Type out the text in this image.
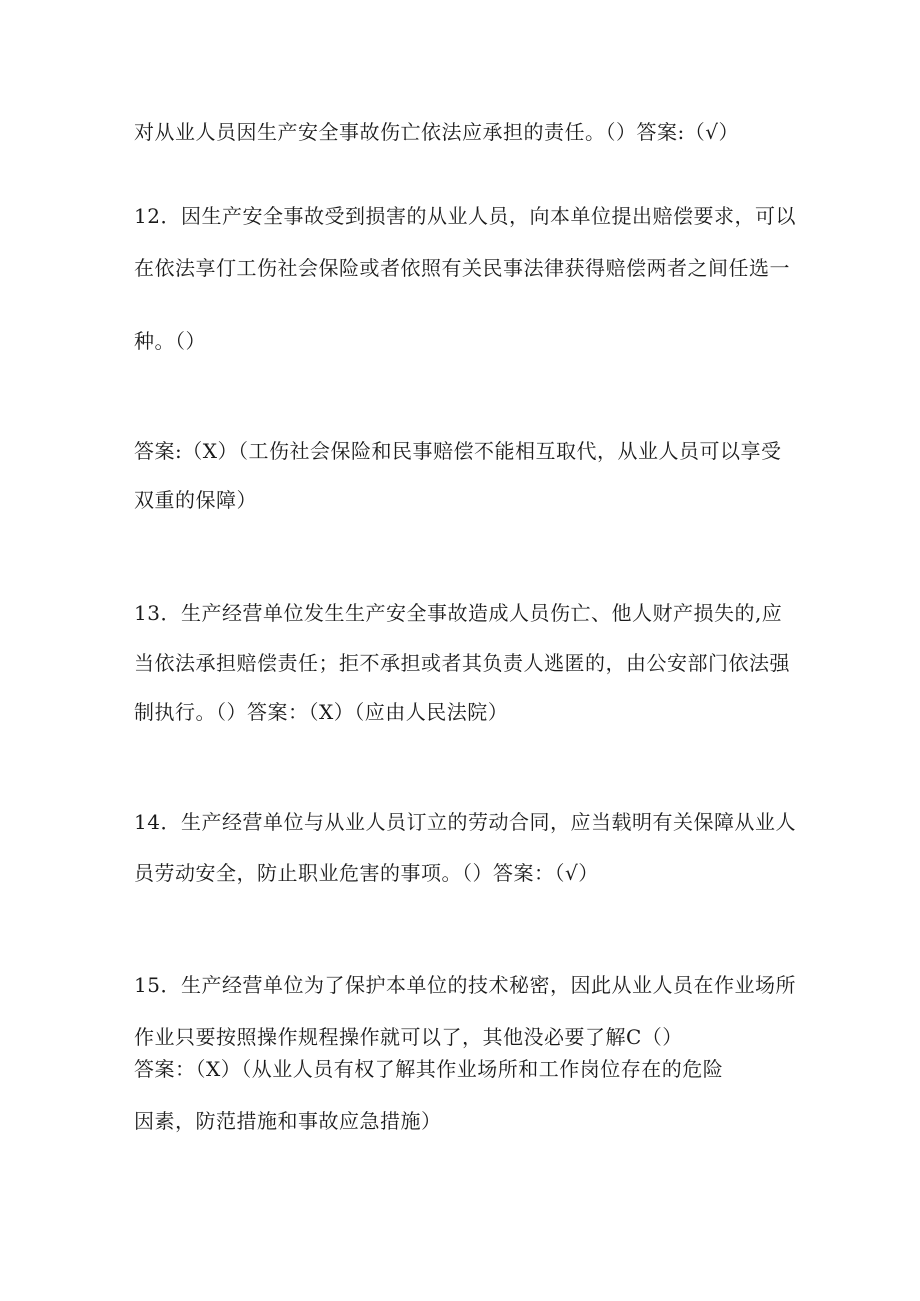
对从业人员因生产安全事故伤亡依法应承担的责任。（）答案:（√）
12．因生产安全事故受到损害的从业人员，向本单位提出赔偿要求，可以
在依法享仃工伤社会保险或者依照有关民事法律获得赔偿两者之间任选一
种。（）
答案:（X）（工伤社会保险和民事赔偿不能相互取代，从业人员可以享受
双重的保障）
13．生产经营单位发生生产安全事故造成人员伤亡、他人财产损失的,应
当依法承担赔偿责任；拒不承担或者其负责人逃匿的，由公安部门依法强
制执行。（）答案：（X）（应由人民法院）
14．生产经营单位与从业人员订立的劳动合同，应当载明有关保障从业人
员劳动安全，防止职业危害的事项。（）答案：（√）
15．生产经营单位为了保护本单位的技术秘密，因此从业人员在作业场所
作业只要按照操作规程操作就可以了，其他没必要了解C（）
答案：（X）（从业人员有权了解其作业场所和工作岗位存在的危险
因素，防范措施和事故应急措施）
